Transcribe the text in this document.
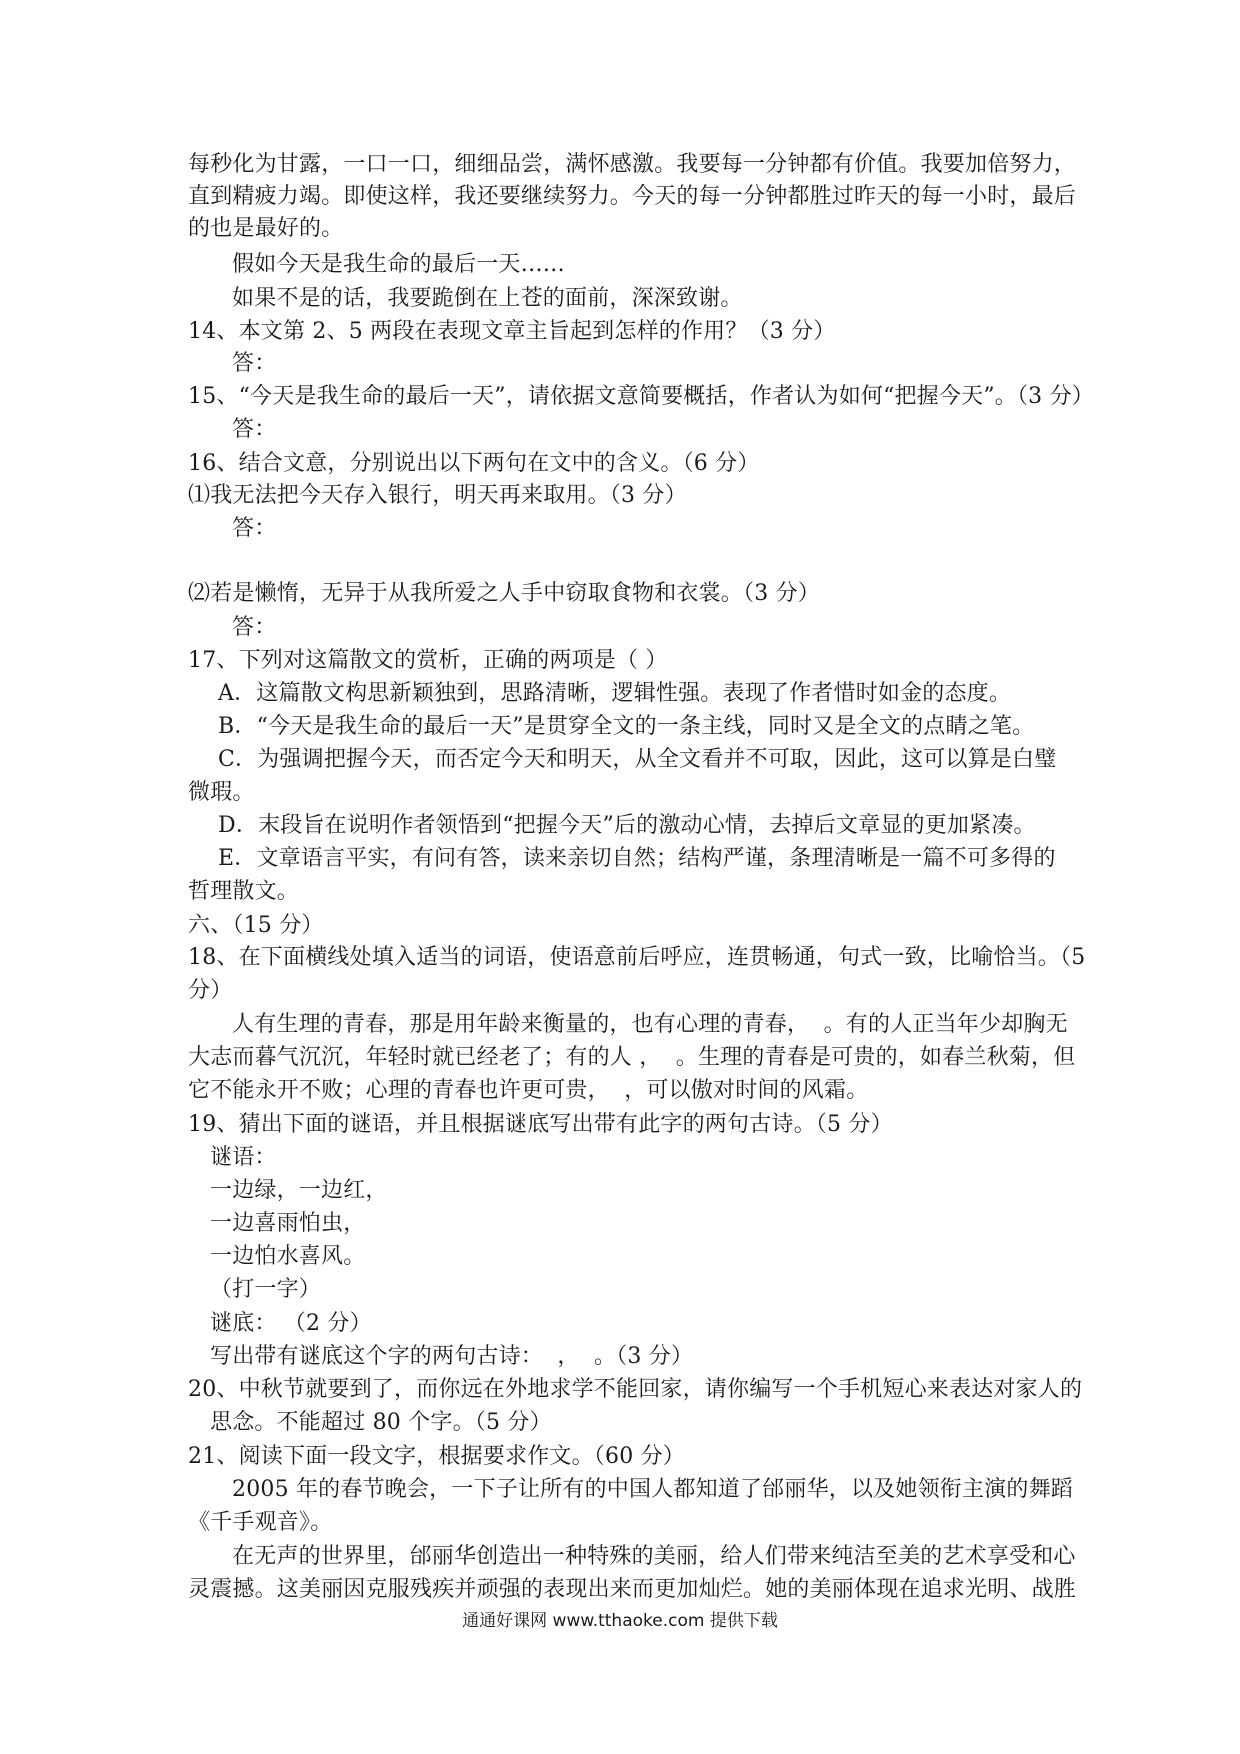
每秒化为甘露，一口一口，细细品尝，满怀感激。我要每一分钟都有价值。我要加倍努力，
直到精疲力竭。即使这样，我还要继续努力。今天的每一分钟都胜过昨天的每一小时，最后
的也是最好的。
假如今天是我生命的最后一天……
如果不是的话，我要跪倒在上苍的面前，深深致谢。
14、本文第 2、5 两段在表现文章主旨起到怎样的作用？（3 分）
答：
15、“今天是我生命的最后一天”，请依据文意简要概括，作者认为如何“把握今天”。（3 分）
答：
16、结合文意，分别说出以下两句在文中的含义。（6 分）
⑴我无法把今天存入银行，明天再来取用。（3 分）
答：
⑵若是懒惰，无异于从我所爱之人手中窃取食物和衣裳。（3 分）
答：
17、下列对这篇散文的赏析，正确的两项是（ ）
A．这篇散文构思新颖独到，思路清晰，逻辑性强。表现了作者惜时如金的态度。
B．“今天是我生命的最后一天”是贯穿全文的一条主线，同时又是全文的点睛之笔。
C．为强调把握今天，而否定今天和明天，从全文看并不可取，因此，这可以算是白璧
微瑕。
D．末段旨在说明作者领悟到“把握今天”后的激动心情，去掉后文章显的更加紧凑。
E．文章语言平实，有问有答，读来亲切自然；结构严谨，条理清晰是一篇不可多得的
哲理散文。
六、（15 分）
18、在下面横线处填入适当的词语，使语意前后呼应，连贯畅通，句式一致，比喻恰当。（5
分）
人有生理的青春，那是用年龄来衡量的，也有心理的青春，  。有的人正当年少却胸无
大志而暮气沉沉，年轻时就已经老了；有的人 ，  。生理的青春是可贵的，如春兰秋菊，但
它不能永开不败；心理的青春也许更可贵，  ，可以傲对时间的风霜。
19、猜出下面的谜语，并且根据谜底写出带有此字的两句古诗。（5 分）
谜语：
一边绿，一边红，
一边喜雨怕虫，
一边怕水喜风。
（打一字）
谜底： （2 分）
写出带有谜底这个字的两句古诗：  ，  。（3 分）
20、中秋节就要到了，而你远在外地求学不能回家，请你编写一个手机短心来表达对家人的
思念。不能超过 80 个字。（5 分）
21、阅读下面一段文字，根据要求作文。（60 分）
2005 年的春节晚会，一下子让所有的中国人都知道了邰丽华，以及她领衔主演的舞蹈
《千手观音》。
在无声的世界里，邰丽华创造出一种特殊的美丽，给人们带来纯洁至美的艺术享受和心
灵震撼。这美丽因克服残疾并顽强的表现出来而更加灿烂。她的美丽体现在追求光明、战胜
通通好课网 www.tthaoke.com 提供下载
